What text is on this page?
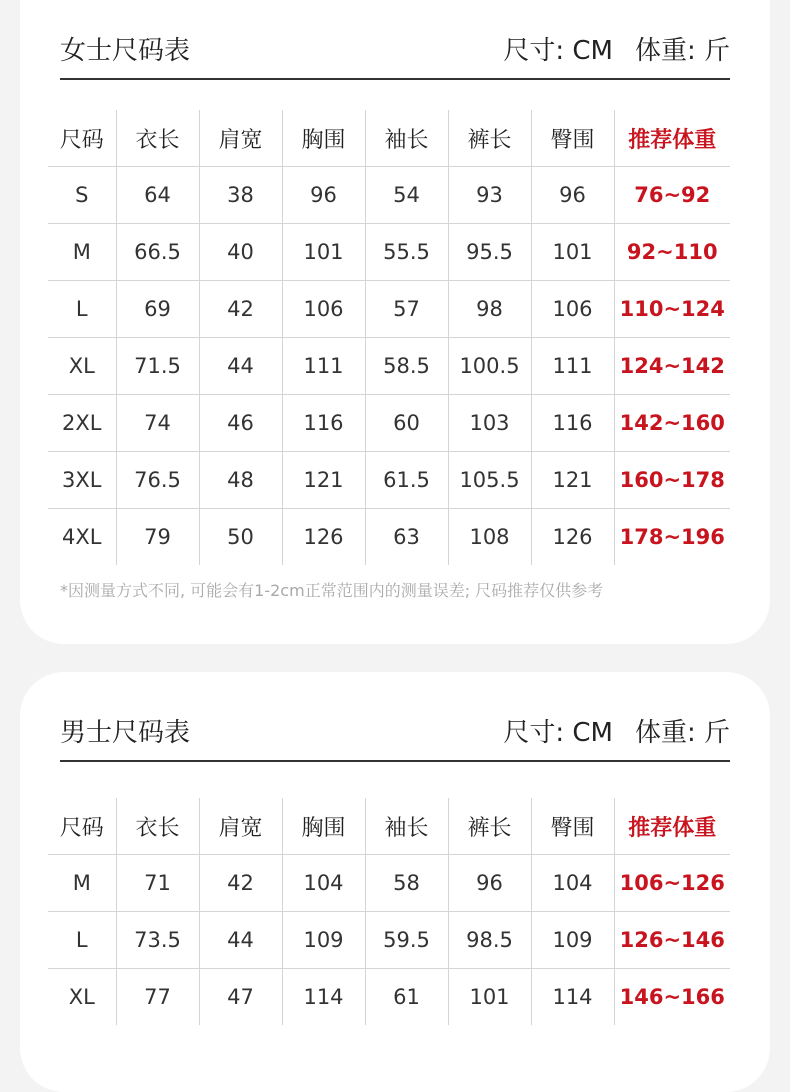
女士尺码表	尺寸: CM 体重: 斤
尺码	衣长	肩宽	胸围	袖长	裤长	臀围	推荐体重
S	64	38	96	54	93	96	76~92
M	66.5	40	101	55.5	95.5	101	92~110
L	69	42	106	57	98	106	110~124
XL	71.5	44	111	58.5	100.5	111	124~142
2XL	74	46	116	60	103	116	142~160
3XL	76.5	48	121	61.5	105.5	121	160~178
4XL	79	50	126	63	108	126	178~196
*因测量方式不同, 可能会有1-2cm正常范围内的测量误差; 尺码推荐仅供参考
男士尺码表	尺寸: CM 体重: 斤
尺码	衣长	肩宽	胸围	袖长	裤长	臀围	推荐体重
M	71	42	104	58	96	104	106~126
L	73.5	44	109	59.5	98.5	109	126~146
XL	77	47	114	61	101	114	146~166
